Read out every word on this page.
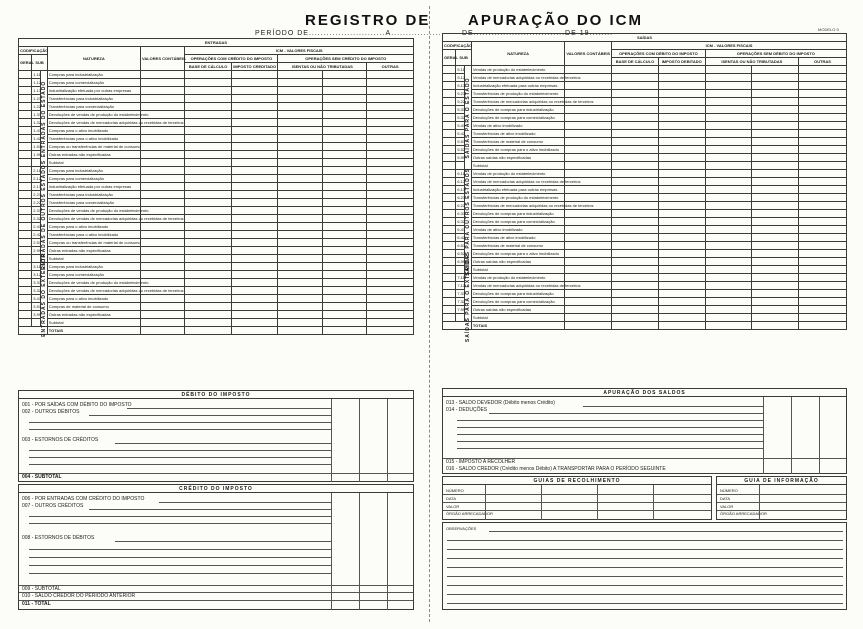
REGISTRO DE
PERÍODO DE..........................A.................
ENTRADAS									
CODIFICAÇÃO			NATUREZA	VALORES CONTÁBEIS	ICM - VALORES FISCAIS				
GERAL	SUB				OPERAÇÕES COM CRÉDITO DO IMPOSTO		OPERAÇÕES SEM CRÉDITO DO IMPOSTO		
					BASE DE CÁLCULO	IMPOSTO CREDITADO	ISENTAS OU NÃO TRIBUTADAS		OUTRAS
	1.11	ENTRADAS DO ESTADO	Compras para industrialização						
	1.12		Compras para comercialização						
	1.13		Industrialização efetuada por outras empresas						
	1.21		Transferências para industrialização						
	1.22		Transferências para comercialização						
	1.31		Devoluções de vendas de produção do estabelecimento						
	1.32		Devoluções de vendas de mercadorias adquiridas ou recebidas de terceiros						
	1.41		Compras para o ativo imobilizado						
	1.42		Transferências para o ativo imobilizado						
	1.51		Compras ou transferências de material de consumo						
	1.99		Outras entradas não especificadas						
			Subtotal						
	2.11	ENTRADAS DE OUTROS ESTADOS	Compras para industrialização						
	2.12		Compras para comercialização						
	2.13		Industrialização efetuada por outras empresas						
	2.21		Transferências para industrialização						
	2.22		Transferências para comercialização						
	2.31		Devoluções de vendas de produção do estabelecimento						
	2.32		Devoluções de vendas de mercadorias adquiridas ou recebidas de terceiros						
	2.41		Compras para o ativo imobilizado						
	2.42		Transferências para o ativo imobilizado						
	2.51		Compras ou transferências de material de consumo						
	2.99		Outras entradas não especificadas						
			Subtotal						
	3.11	ENTRADAS DO EXTERIOR	Compras para industrialização						
	3.12		Compras para comercialização						
	3.31		Devoluções de vendas de produção do estabelecimento						
	3.32		Devoluções de vendas de mercadorias adquiridas ou recebidas de terceiros						
	3.41		Compras para o ativo imobilizado						
	3.51		Compras de material de consumo						
	3.99		Outras entradas não especificadas						
			Subtotal						
			TOTAIS						
DÉBITO DO IMPOSTO
001 - POR SAÍDAS COM DÉBITO DO IMPOSTO
002 - OUTROS DÉBITOS
003 - ESTORNOS DE CRÉDITOS
004 - SUBTOTAL
CRÉDITO DO IMPOSTO
006 - POR ENTRADAS COM CRÉDITO DO IMPOSTO
007 - OUTROS CRÉDITOS
008 - ESTORNOS DE DÉBITOS
009 - SUBTOTAL
010 - SALDO CREDOR DO PERÍODO ANTERIOR
011 - TOTAL
APURAÇÃO DO ICM
DE...............................DE 19........
MODELO 9
SAÍDAS									
CODIFICAÇÃO			NATUREZA	VALORES CONTÁBEIS	ICM - VALORES FISCAIS				
GERAL	SUB				OPERAÇÕES COM DÉBITO DO IMPOSTO		OPERAÇÕES SEM DÉBITO DO IMPOSTO		
					BASE DE CÁLCULO	IMPOSTO DEBITADO	ISENTAS OU NÃO TRIBUTADAS		OUTRAS
	5.11	SAÍDAS PARA O ESTADO	Vendas de produção do estabelecimento						
	5.12		Vendas de mercadorias adquiridas ou recebidas de terceiros						
	5.13		Industrialização efetuada para outras empresas						
	5.21		Transferências de produção do estabelecimento						
	5.22		Transferências de mercadorias adquiridas ou recebidas de terceiros						
	5.31		Devoluções de compras para industrialização						
	5.32		Devoluções de compras para comercialização						
	5.41		Vendas de ativo imobilizado						
	5.42		Transferências de ativo imobilizado						
	5.51		Transferências de material de consumo						
	5.52		Devoluções de compras para o ativo imobilizado						
	5.99		Outras saídas não especificadas						
			Subtotal						
	6.11	SAÍDAS PARA OUTROS ESTADOS	Vendas de produção do estabelecimento						
	6.12		Vendas de mercadorias adquiridas ou recebidas de terceiros						
	6.13		Industrialização efetuada para outras empresas						
	6.21		Transferências de produção do estabelecimento						
	6.22		Transferências de mercadorias adquiridas ou recebidas de terceiros						
	6.31		Devoluções de compras para industrialização						
	6.32		Devoluções de compras para comercialização						
	6.41		Vendas de ativo imobilizado						
	6.42		Transferências de ativo imobilizado						
	6.51		Transferências de material de consumo						
	6.52		Devoluções de compras para o ativo imobilizado						
	6.99		Outras saídas não especificadas						
			Subtotal						
	7.11	SAÍDAS PARA O EXTERIOR	Vendas de produção do estabelecimento						
	7.12		Vendas de mercadorias adquiridas ou recebidas de terceiros						
	7.31		Devoluções de compras para industrialização						
	7.32		Devoluções de compras para comercialização						
	7.99		Outras saídas não especificadas						
			Subtotal						
			TOTAIS						
APURAÇÃO DOS SALDOS
013 - SALDO DEVEDOR (Débito menos Crédito)
014 - DEDUÇÕES
015 - IMPOSTO A RECOLHER
016 - SALDO CREDOR (Crédito menos Débito) A TRANSPORTAR PARA O PERÍODO SEGUINTE
GUIAS DE RECOLHIMENTO
NÚMERO
DATA
VALOR
ÓRGÃO ARRECADADOR
GUIA DE INFORMAÇÃO
NÚMERO
DATA
VALOR
ÓRGÃO ARRECADADOR
OBSERVAÇÕES
